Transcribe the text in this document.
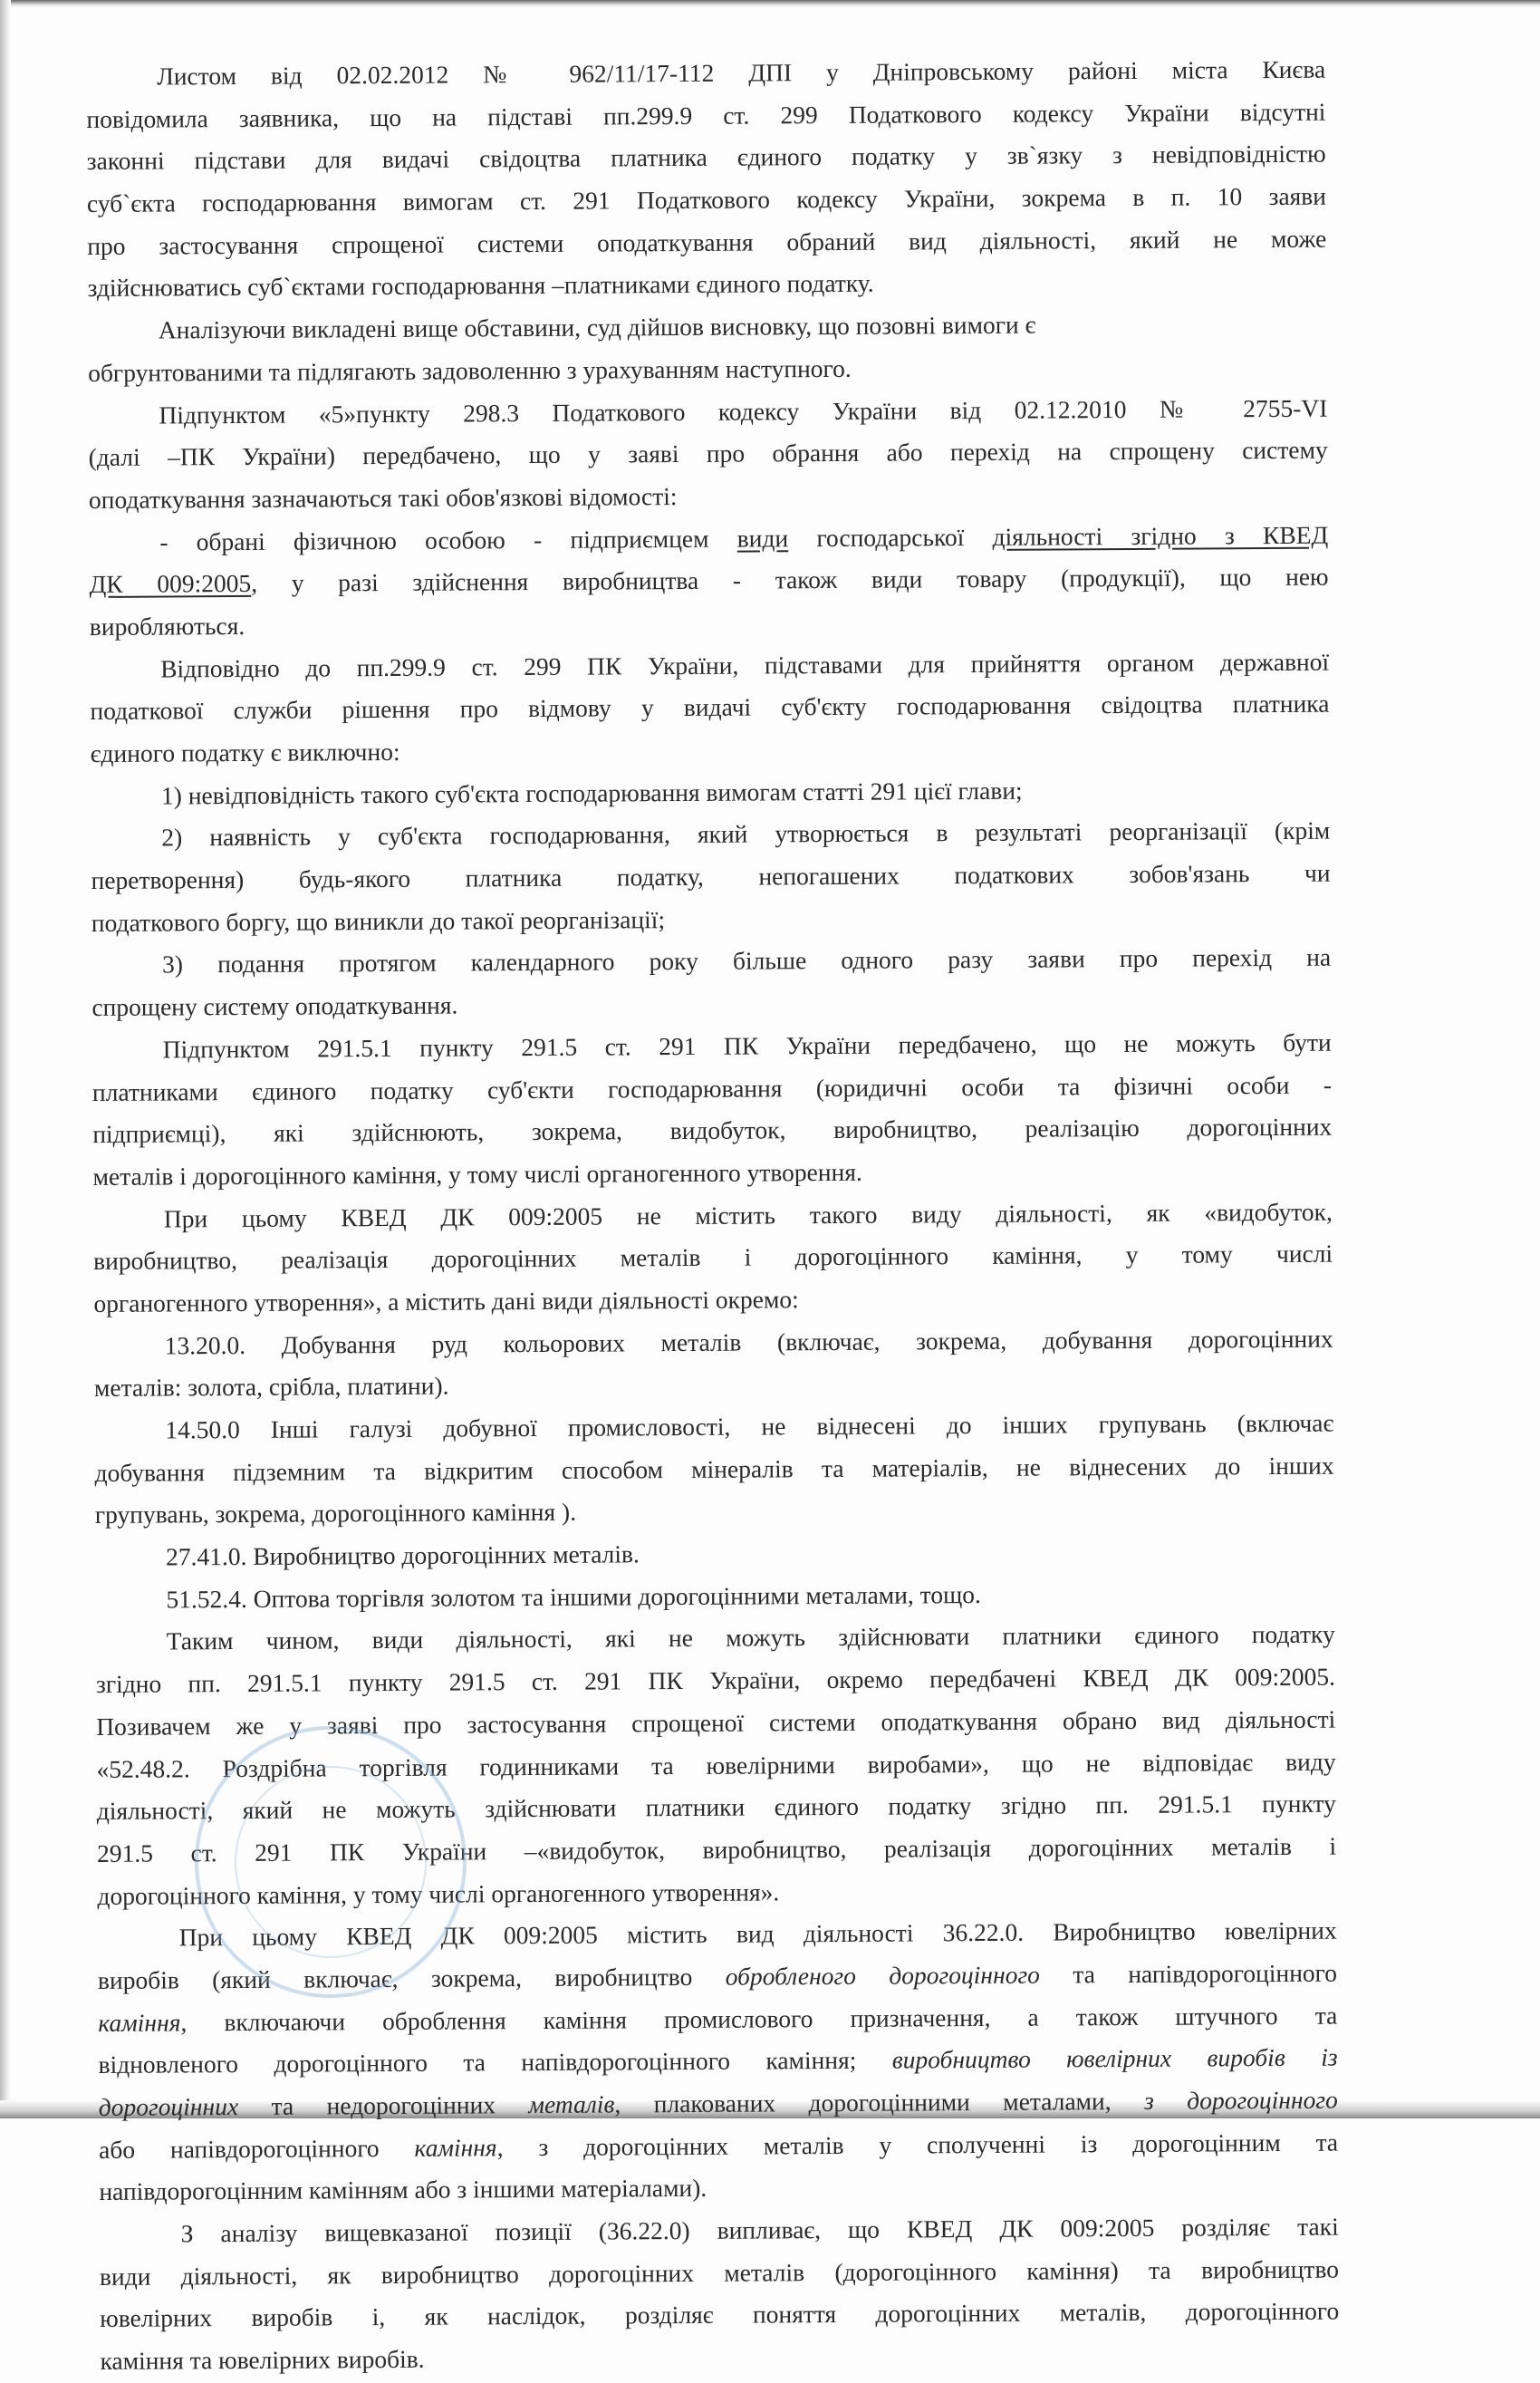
Листом від 02.02.2012 № 962/11/17-112 ДПІ у Дніпровському районі міста Києва
повідомила заявника, що на підставі пп.299.9 ст. 299 Податкового кодексу України відсутні
законні підстави для видачі свідоцтва платника єдиного податку у зв`язку з невідповідністю
суб`єкта господарювання вимогам ст. 291 Податкового кодексу України, зокрема в п. 10 заяви
про застосування спрощеної системи оподаткування обраний вид діяльності, який не може
здійснюватись суб`єктами господарювання –платниками єдиного податку.
Аналізуючи викладені вище обставини, суд дійшов висновку, що позовні вимоги є
обгрунтованими та підлягають задоволенню з урахуванням наступного.
Підпунктом «5»пункту 298.3 Податкового кодексу України від 02.12.2010 № 2755-VI
(далі –ПК України) передбачено, що у заяві про обрання або перехід на спрощену систему
оподаткування зазначаються такі обов'язкові відомості:
- обрані фізичною особою - підприємцем види господарської діяльності згідно з КВЕД
ДК 009:2005, у разі здійснення виробництва - також види товару (продукції), що нею
виробляються.
Відповідно до пп.299.9 ст. 299 ПК України, підставами для прийняття органом державної
податкової служби рішення про відмову у видачі суб'єкту господарювання свідоцтва платника
єдиного податку є виключно:
1) невідповідність такого суб'єкта господарювання вимогам статті 291 цієї глави;
2) наявність у суб'єкта господарювання, який утворюється в результаті реорганізації (крім
перетворення) будь-якого платника податку, непогашених податкових зобов'язань чи
податкового боргу, що виникли до такої реорганізації;
3) подання протягом календарного року більше одного разу заяви про перехід на
спрощену систему оподаткування.
Підпунктом 291.5.1 пункту 291.5 ст. 291 ПК України передбачено, що не можуть бути
платниками єдиного податку суб'єкти господарювання (юридичні особи та фізичні особи -
підприємці), які здійснюють, зокрема, видобуток, виробництво, реалізацію дорогоцінних
металів і дорогоцінного каміння, у тому числі органогенного утворення.
При цьому КВЕД ДК 009:2005 не містить такого виду діяльності, як «видобуток,
виробництво, реалізація дорогоцінних металів і дорогоцінного каміння, у тому числі
органогенного утворення», а містить дані види діяльності окремо:
13.20.0. Добування руд кольорових металів (включає, зокрема, добування дорогоцінних
металів: золота, срібла, платини).
14.50.0 Інші галузі добувної промисловості, не віднесені до інших групувань (включає
добування підземним та відкритим способом мінералів та матеріалів, не віднесених до інших
групувань, зокрема, дорогоцінного каміння ).
27.41.0. Виробництво дорогоцінних металів.
51.52.4. Оптова торгівля золотом та іншими дорогоцінними металами, тощо.
Таким чином, види діяльності, які не можуть здійснювати платники єдиного податку
згідно пп. 291.5.1 пункту 291.5 ст. 291 ПК України, окремо передбачені КВЕД ДК 009:2005.
Позивачем же у заяві про застосування спрощеної системи оподаткування обрано вид діяльності
«52.48.2. Роздрібна торгівля годинниками та ювелірними виробами», що не відповідає виду
діяльності, який не можуть здійснювати платники єдиного податку згідно пп. 291.5.1 пункту
291.5 ст. 291 ПК України –«видобуток, виробництво, реалізація дорогоцінних металів і
дорогоцінного каміння, у тому числі органогенного утворення».
При цьому КВЕД ДК 009:2005 містить вид діяльності 36.22.0. Виробництво ювелірних
виробів (який включає, зокрема, виробництво обробленого дорогоцінного та напівдорогоцінного
каміння, включаючи оброблення каміння промислового призначення, а також штучного та
відновленого дорогоцінного та напівдорогоцінного каміння; виробництво ювелірних виробів із
дорогоцінних та недорогоцінних металів, плакованих дорогоцінними металами, з дорогоцінного
або напівдорогоцінного каміння, з дорогоцінних металів у сполученні із дорогоцінним та
напівдорогоцінним камінням або з іншими матеріалами).
З аналізу вищевказаної позиції (36.22.0) випливає, що КВЕД ДК 009:2005 розділяє такі
види діяльності, як виробництво дорогоцінних металів (дорогоцінного каміння) та виробництво
ювелірних виробів і, як наслідок, розділяє поняття дорогоцінних металів, дорогоцінного
каміння та ювелірних виробів.
